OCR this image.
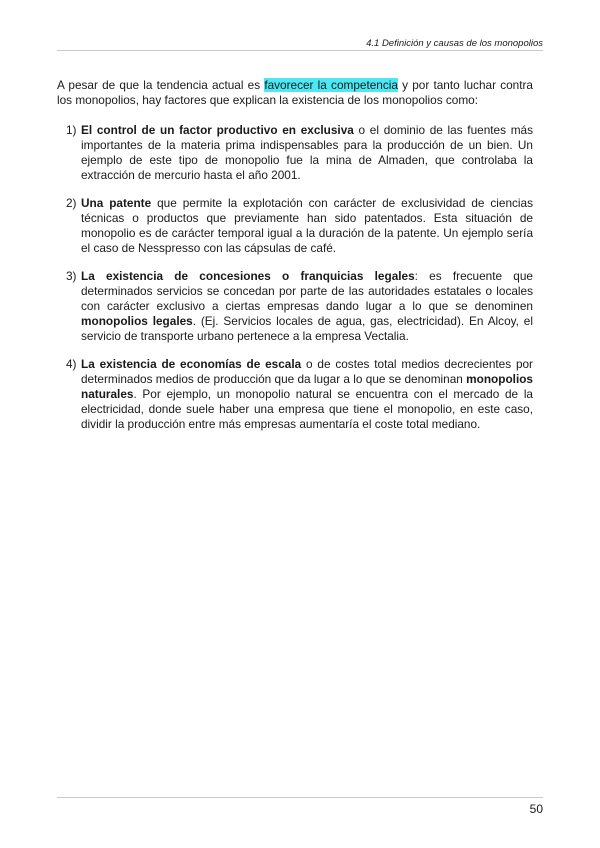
4.1 Definición y causas de los monopolios

A pesar de que la tendencia actual es favorecer la competencia y por tanto luchar contra los monopolios, hay factores que explican la existencia de los monopolios como:

1) El control de un factor productivo en exclusiva o el dominio de las fuentes más importantes de la materia prima indispensables para la producción de un bien. Un ejemplo de este tipo de monopolio fue la mina de Almaden, que controlaba la extracción de mercurio hasta el año 2001.
2) Una patente que permite la explotación con carácter de exclusividad de ciencias técnicas o productos que previamente han sido patentados. Esta situación de monopolio es de carácter temporal igual a la duración de la patente. Un ejemplo sería el caso de Nesspresso con las cápsulas de café.
3) La existencia de concesiones o franquicias legales: es frecuente que determinados servicios se concedan por parte de las autoridades estatales o locales con carácter exclusivo a ciertas empresas dando lugar a lo que se denominen monopolios legales. (Ej. Servicios locales de agua, gas, electricidad). En Alcoy, el servicio de transporte urbano pertenece a la empresa Vectalia.
4) La existencia de economías de escala o de costes total medios decrecientes por determinados medios de producción que da lugar a lo que se denominan monopolios naturales. Por ejemplo, un monopolio natural se encuentra con el mercado de la electricidad, donde suele haber una empresa que tiene el monopolio, en este caso, dividir la producción entre más empresas aumentaría el coste total mediano.
50
